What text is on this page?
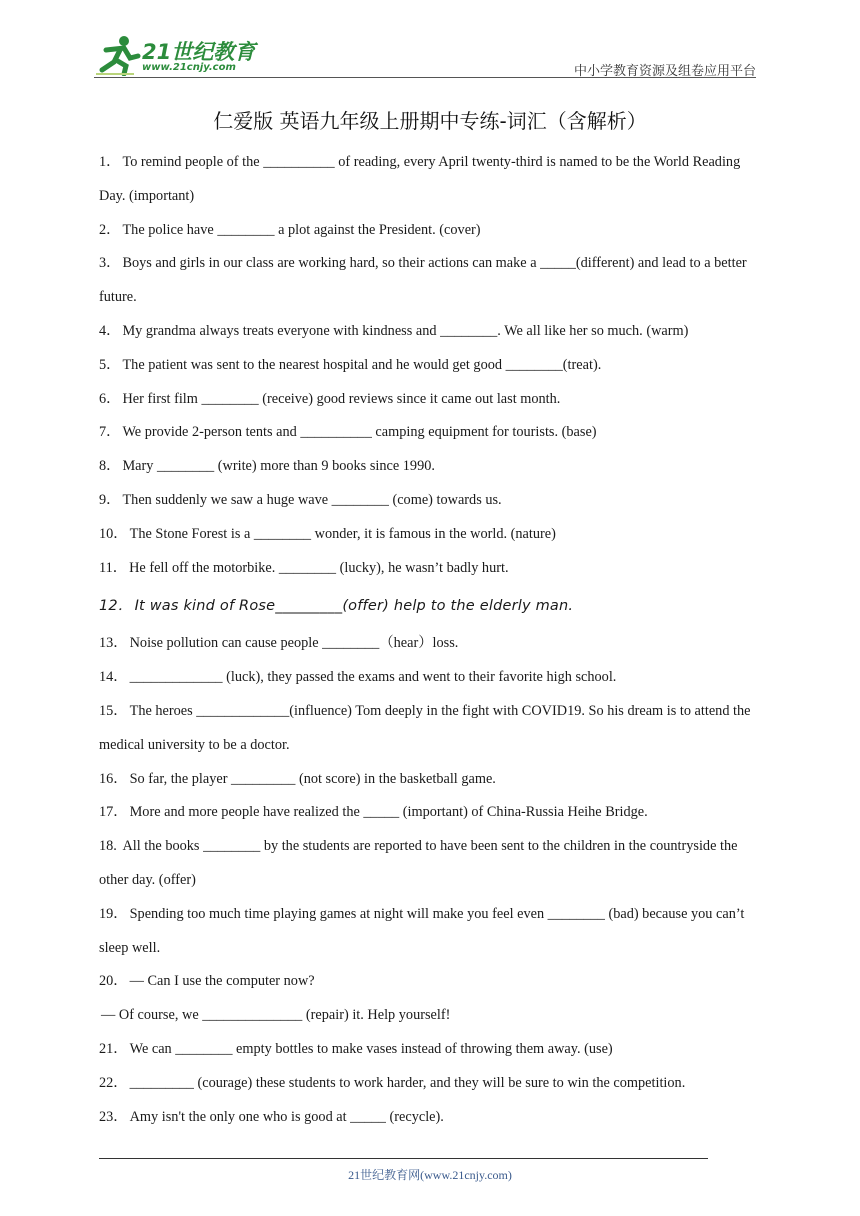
21世纪教育
www.21cnjy.com	中小学教育资源及组卷应用平台
仁爱版 英语九年级上册期中专练-词汇（含解析）

1． To remind people of the __________ of reading, every April twenty-third is named to be the World Reading Day. (important)

2． The police have ________ a plot against the President. (cover)

3． Boys and girls in our class are working hard, so their actions can make a _____(different) and lead to a better future.

4． My grandma always treats everyone with kindness and ________. We all like her so much. (warm)

5． The patient was sent to the nearest hospital and he would get good ________(treat).

6． Her first film ________ (receive) good reviews since it came out last month.

7． We provide 2-person tents and __________ camping equipment for tourists. (base)

8． Mary ________ (write) more than 9 books since 1990.

9． Then suddenly we saw a huge wave ________ (come) towards us.

10． The Stone Forest is a ________ wonder, it is famous in the world. (nature)

11． He fell off the motorbike. ________ (lucky), he wasn’t badly hurt.

12． It was kind of Rose_________(offer) help to the elderly man.

13． Noise pollution can cause people ________（hear）loss.

14． _____________ (luck), they passed the exams and went to their favorite high school.

15． The heroes _____________(influence) Tom deeply in the fight with COVID19. So his dream is to attend the medical university to be a doctor.

16． So far, the player _________ (not score) in the basketball game.

17． More and more people have realized the _____ (important) of China-Russia Heihe Bridge.

18. All the books ________ by the students are reported to have been sent to the children in the countryside the other day. (offer)

19． Spending too much time playing games at night will make you feel even ________ (bad) because you can’t sleep well.

20． — Can I use the computer now?

— Of course, we ______________ (repair) it. Help yourself!

21． We can ________ empty bottles to make vases instead of throwing them away. (use)

22． _________ (courage) these students to work harder, and they will be sure to win the competition.

23． Amy isn't the only one who is good at _____ (recycle).

21世纪教育网(www.21cnjy.com)
